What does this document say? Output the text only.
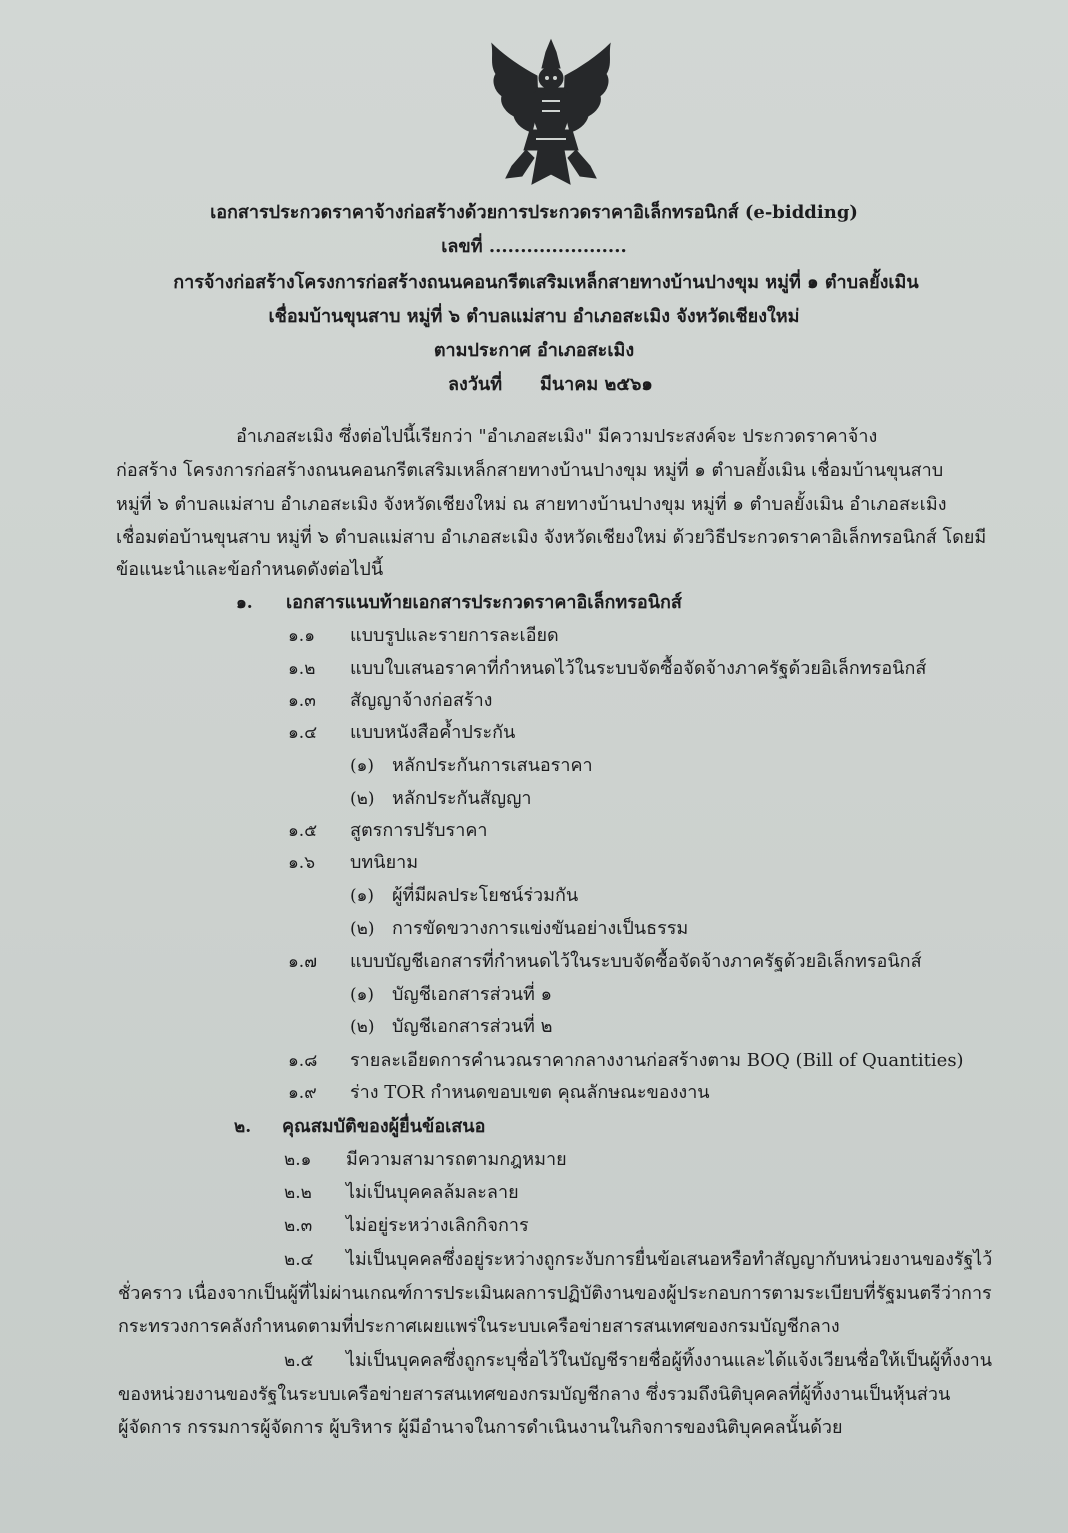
เอกสารประกวดราคาจ้างก่อสร้างด้วยการประกวดราคาอิเล็กทรอนิกส์ (e-bidding)
เลขที่ ......................
การจ้างก่อสร้างโครงการก่อสร้างถนนคอนกรีตเสริมเหล็กสายทางบ้านปางขุม หมู่ที่ ๑ ตำบลยั้งเมิน
เชื่อมบ้านขุนสาบ หมู่ที่ ๖ ตำบลแม่สาบ อำเภอสะเมิง จังหวัดเชียงใหม่
ตามประกาศ อำเภอสะเมิง
ลงวันที่ มีนาคม ๒๕๖๑
อำเภอสะเมิง ซึ่งต่อไปนี้เรียกว่า "อำเภอสะเมิง" มีความประสงค์จะ ประกวดราคาจ้าง
ก่อสร้าง โครงการก่อสร้างถนนคอนกรีตเสริมเหล็กสายทางบ้านปางขุม หมู่ที่ ๑ ตำบลยั้งเมิน เชื่อมบ้านขุนสาบ
หมู่ที่ ๖ ตำบลแม่สาบ อำเภอสะเมิง จังหวัดเชียงใหม่ ณ สายทางบ้านปางขุม หมู่ที่ ๑ ตำบลยั้งเมิน อำเภอสะเมิง
เชื่อมต่อบ้านขุนสาบ หมู่ที่ ๖ ตำบลแม่สาบ อำเภอสะเมิง จังหวัดเชียงใหม่ ด้วยวิธีประกวดราคาอิเล็กทรอนิกส์ โดยมี
ข้อแนะนำและข้อกำหนดดังต่อไปนี้
๑. เอกสารแนบท้ายเอกสารประกวดราคาอิเล็กทรอนิกส์
๑.๑ แบบรูปและรายการละเอียด
๑.๒ แบบใบเสนอราคาที่กำหนดไว้ในระบบจัดซื้อจัดจ้างภาครัฐด้วยอิเล็กทรอนิกส์
๑.๓ สัญญาจ้างก่อสร้าง
๑.๔ แบบหนังสือค้ำประกัน
(๑) หลักประกันการเสนอราคา
(๒) หลักประกันสัญญา
๑.๕ สูตรการปรับราคา
๑.๖ บทนิยาม
(๑) ผู้ที่มีผลประโยชน์ร่วมกัน
(๒) การขัดขวางการแข่งขันอย่างเป็นธรรม
๑.๗ แบบบัญชีเอกสารที่กำหนดไว้ในระบบจัดซื้อจัดจ้างภาครัฐด้วยอิเล็กทรอนิกส์
(๑) บัญชีเอกสารส่วนที่ ๑
(๒) บัญชีเอกสารส่วนที่ ๒
๑.๘ รายละเอียดการคำนวณราคากลางงานก่อสร้างตาม BOQ (Bill of Quantities)
๑.๙ ร่าง TOR กำหนดขอบเขต คุณลักษณะของงาน
๒. คุณสมบัติของผู้ยื่นข้อเสนอ
๒.๑ มีความสามารถตามกฎหมาย
๒.๒ ไม่เป็นบุคคลล้มละลาย
๒.๓ ไม่อยู่ระหว่างเลิกกิจการ
๒.๔ ไม่เป็นบุคคลซึ่งอยู่ระหว่างถูกระงับการยื่นข้อเสนอหรือทำสัญญากับหน่วยงานของรัฐไว้
ชั่วคราว เนื่องจากเป็นผู้ที่ไม่ผ่านเกณฑ์การประเมินผลการปฏิบัติงานของผู้ประกอบการตามระเบียบที่รัฐมนตรีว่าการ
กระทรวงการคลังกำหนดตามที่ประกาศเผยแพร่ในระบบเครือข่ายสารสนเทศของกรมบัญชีกลาง
๒.๕ ไม่เป็นบุคคลซึ่งถูกระบุชื่อไว้ในบัญชีรายชื่อผู้ทิ้งงานและได้แจ้งเวียนชื่อให้เป็นผู้ทิ้งงาน
ของหน่วยงานของรัฐในระบบเครือข่ายสารสนเทศของกรมบัญชีกลาง ซึ่งรวมถึงนิติบุคคลที่ผู้ทิ้งงานเป็นหุ้นส่วน
ผู้จัดการ กรรมการผู้จัดการ ผู้บริหาร ผู้มีอำนาจในการดำเนินงานในกิจการของนิติบุคคลนั้นด้วย
